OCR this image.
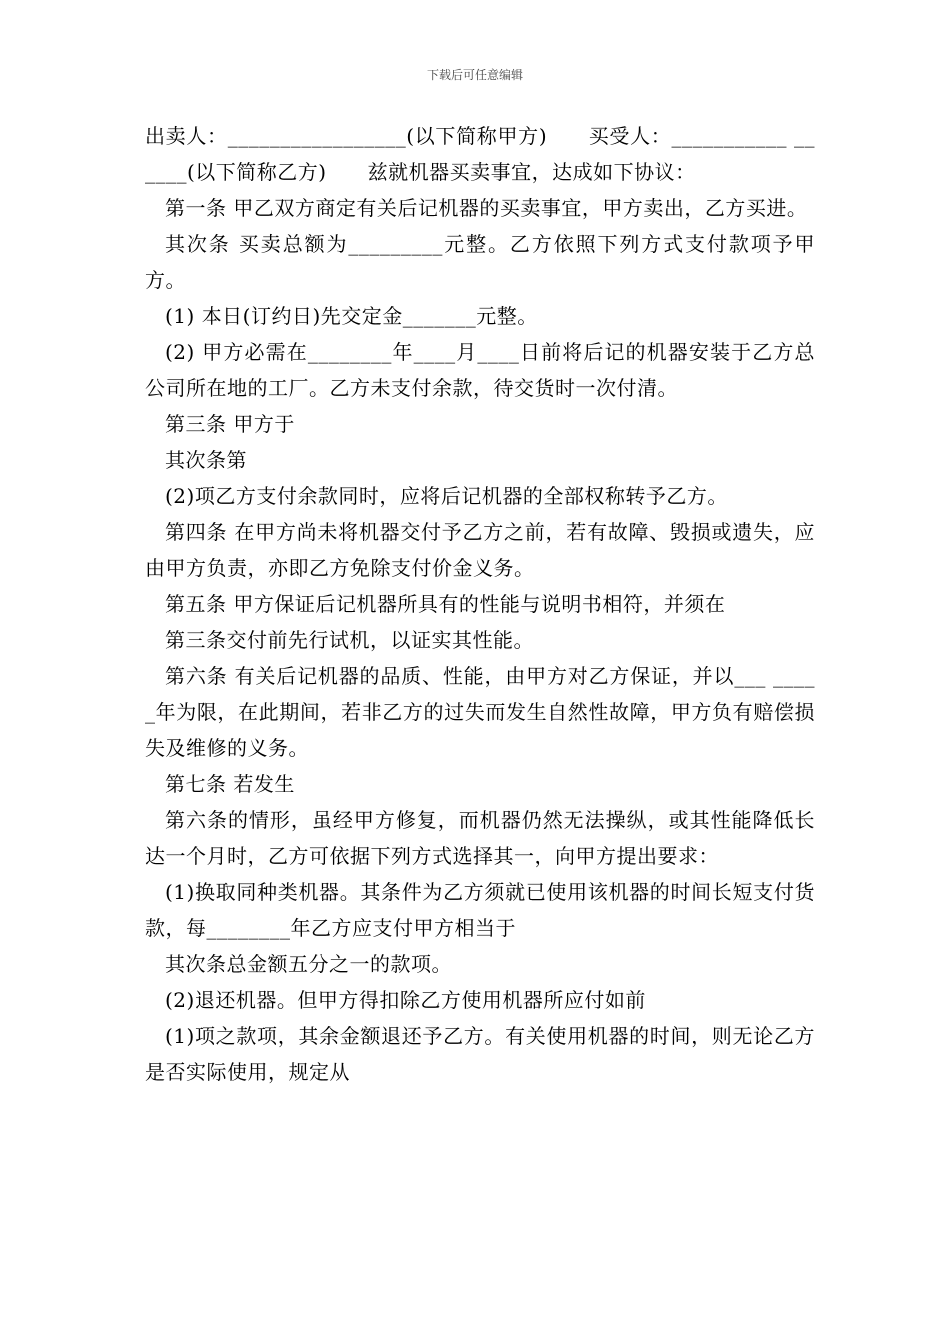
下载后可任意编辑

出卖人：_________________(以下简称甲方)　　买受人：___________ ______(以下简称乙方)　　兹就机器买卖事宜，达成如下协议：

第一条 甲乙双方商定有关后记机器的买卖事宜，甲方卖出，乙方买进。

其次条 买卖总额为_________元整。乙方依照下列方式支付款项予甲方。

(1) 本日(订约日)先交定金_______元整。

(2) 甲方必需在________年____月____日前将后记的机器安装于乙方总公司所在地的工厂。乙方未支付余款，待交货时一次付清。

第三条 甲方于

其次条第

(2)项乙方支付余款同时，应将后记机器的全部权称转予乙方。

第四条 在甲方尚未将机器交付予乙方之前，若有故障、毁损或遗失，应由甲方负责，亦即乙方免除支付价金义务。

第五条 甲方保证后记机器所具有的性能与说明书相符，并须在

第三条交付前先行试机，以证实其性能。

第六条 有关后记机器的品质、性能，由甲方对乙方保证，并以___ _____年为限，在此期间，若非乙方的过失而发生自然性故障，甲方负有赔偿损失及维修的义务。

第七条 若发生

第六条的情形，虽经甲方修复，而机器仍然无法操纵，或其性能降低长达一个月时，乙方可依据下列方式选择其一，向甲方提出要求：

(1)换取同种类机器。其条件为乙方须就已使用该机器的时间长短支付货款，每________年乙方应支付甲方相当于

其次条总金额五分之一的款项。

(2)退还机器。但甲方得扣除乙方使用机器所应付如前

(1)项之款项，其余金额退还予乙方。有关使用机器的时间，则无论乙方是否实际使用，规定从
